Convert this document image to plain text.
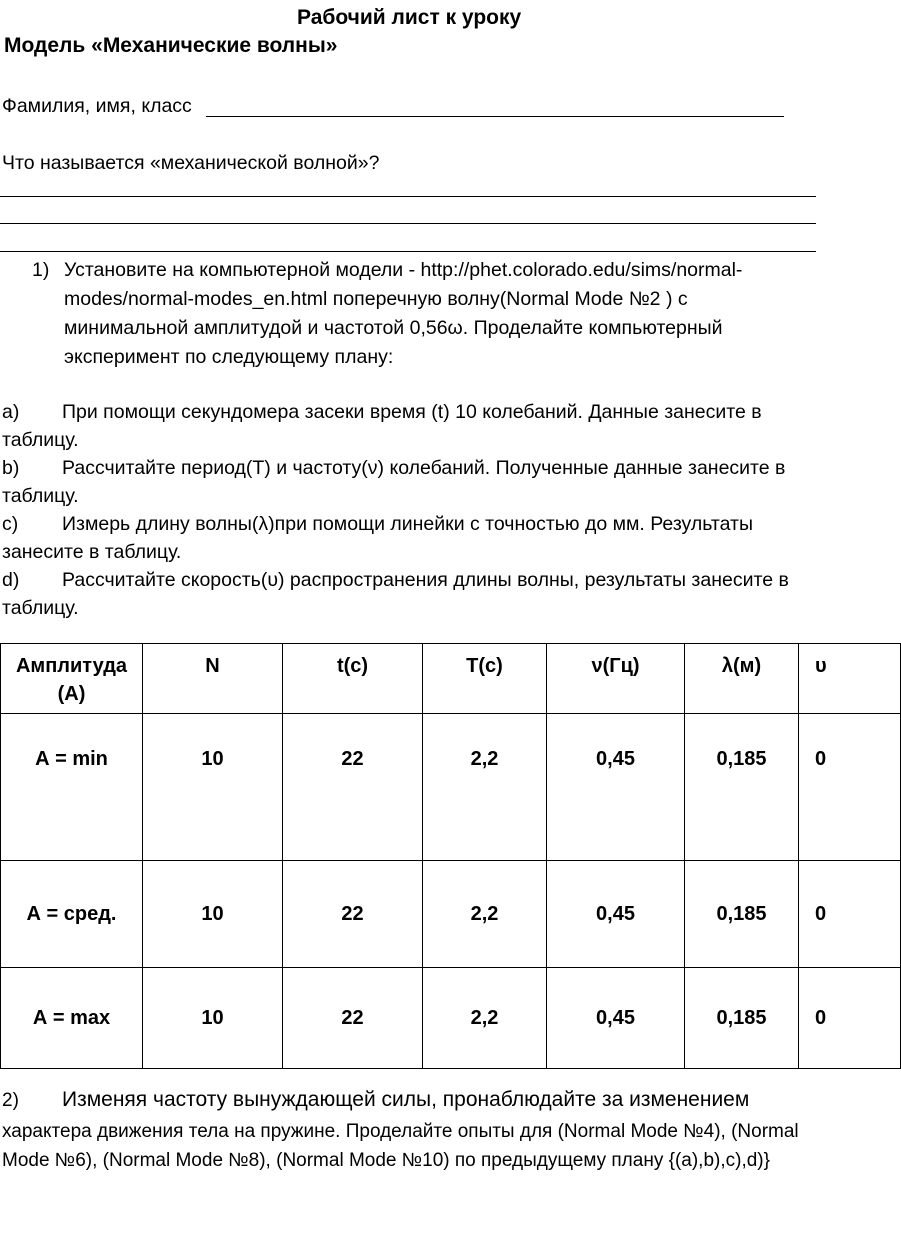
Рабочий лист к уроку
Модель «Механические волны»
Фамилия, имя, класс
Что называется «механической волной»?
1) Установите на компьютерной модели - http://phet.colorado.edu/sims/normal-modes/normal-modes_en.html поперечную волну(Normal Mode №2 ) с минимальной амплитудой и частотой 0,56ω. Проделайте компьютерный эксперимент по следующему плану:
a) При помощи секундомера засеки время (t) 10 колебаний. Данные занесите в таблицу.
b) Рассчитайте период(T) и частоту(ν) колебаний. Полученные данные занесите в таблицу.
c) Измерь длину волны(λ)при помощи линейки с точностью до мм. Результаты занесите в таблицу.
d) Рассчитайте скорость(υ) распространения длины волны, результаты занесите в таблицу.
Амплитуда (А)	N	t(c)	T(c)	ν(Гц)	λ(м)	υ

А = min	10	22	2,2	0,45	0,185	0

А = сред.	10	22	2,2	0,45	0,185	0

А = max	10	22	2,2	0,45	0,185	0
2) Изменяя частоту вынуждающей силы, пронаблюдайте за изменением
характера движения тела на пружине. Проделайте опыты для (Normal Mode №4), (Normal Mode №6), (Normal Mode №8), (Normal Mode №10) по предыдущему плану {(a),b),c),d)}
